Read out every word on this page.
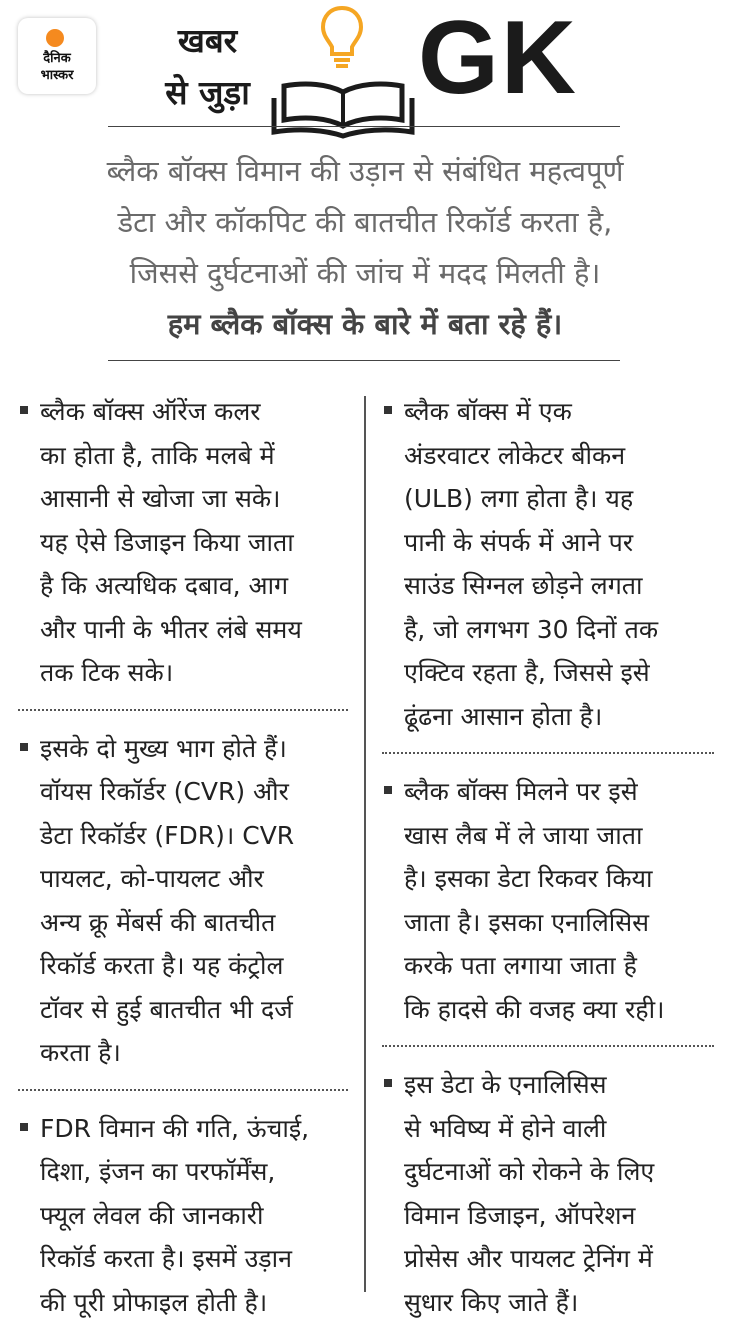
दैनिक
भास्कर
खबर
से जुड़ा GK
ब्लैक बॉक्स विमान की उड़ान से संबंधित महत्वपूर्ण
डेटा और कॉकपिट की बातचीत रिकॉर्ड करता है,
जिससे दुर्घटनाओं की जांच में मदद मिलती है।
हम ब्लैक बॉक्स के बारे में बता रहे हैं।
ब्लैक बॉक्स ऑरेंज कलर
का होता है, ताकि मलबे में
आसानी से खोजा जा सके।
यह ऐसे डिजाइन किया जाता
है कि अत्यधिक दबाव, आग
और पानी के भीतर लंबे समय
तक टिक सके।
इसके दो मुख्य भाग होते हैं।
वॉयस रिकॉर्डर (CVR) और
डेटा रिकॉर्डर (FDR)। CVR
पायलट, को-पायलट और
अन्य क्रू मेंबर्स की बातचीत
रिकॉर्ड करता है। यह कंट्रोल
टॉवर से हुई बातचीत भी दर्ज
करता है।
FDR विमान की गति, ऊंचाई,
दिशा, इंजन का परफॉर्मेंस,
फ्यूल लेवल की जानकारी
रिकॉर्ड करता है। इसमें उड़ान
की पूरी प्रोफाइल होती है।
ब्लैक बॉक्स में एक
अंडरवाटर लोकेटर बीकन
(ULB) लगा होता है। यह
पानी के संपर्क में आने पर
साउंड सिग्नल छोड़ने लगता
है, जो लगभग 30 दिनों तक
एक्टिव रहता है, जिससे इसे
ढूंढना आसान होता है।
ब्लैक बॉक्स मिलने पर इसे
खास लैब में ले जाया जाता
है। इसका डेटा रिकवर किया
जाता है। इसका एनालिसिस
करके पता लगाया जाता है
कि हादसे की वजह क्या रही।
इस डेटा के एनालिसिस
से भविष्य में होने वाली
दुर्घटनाओं को रोकने के लिए
विमान डिजाइन, ऑपरेशन
प्रोसेस और पायलट ट्रेनिंग में
सुधार किए जाते हैं।
